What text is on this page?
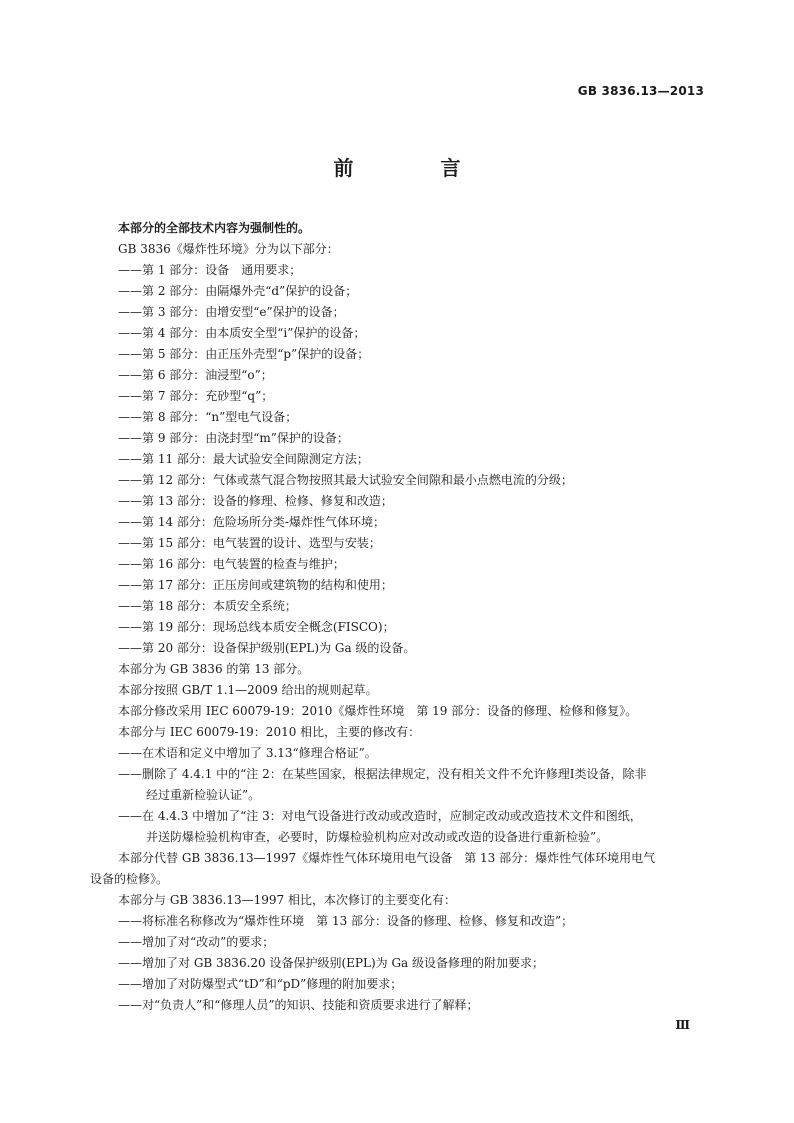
GB 3836.13—2013
前 言

本部分的全部技术内容为强制性的。

GB 3836《爆炸性环境》分为以下部分：

——第 1 部分：设备　通用要求；

——第 2 部分：由隔爆外壳“d”保护的设备；

——第 3 部分：由增安型“e”保护的设备；

——第 4 部分：由本质安全型“i”保护的设备；

——第 5 部分：由正压外壳型“p”保护的设备；

——第 6 部分：油浸型“o”；

——第 7 部分：充砂型“q”；

——第 8 部分：“n”型电气设备；

——第 9 部分：由浇封型“m”保护的设备；

——第 11 部分：最大试验安全间隙测定方法；

——第 12 部分：气体或蒸气混合物按照其最大试验安全间隙和最小点燃电流的分级；

——第 13 部分：设备的修理、检修、修复和改造；

——第 14 部分：危险场所分类-爆炸性气体环境；

——第 15 部分：电气装置的设计、选型与安装；

——第 16 部分：电气装置的检查与维护；

——第 17 部分：正压房间或建筑物的结构和使用；

——第 18 部分：本质安全系统；

——第 19 部分：现场总线本质安全概念(FISCO)；

——第 20 部分：设备保护级别(EPL)为 Ga 级的设备。

本部分为 GB 3836 的第 13 部分。

本部分按照 GB/T 1.1—2009 给出的规则起草。

本部分修改采用 IEC 60079-19：2010《爆炸性环境　第 19 部分：设备的修理、检修和修复》。

本部分与 IEC 60079-19：2010 相比，主要的修改有：

——在术语和定义中增加了 3.13“修理合格证”。

——删除了 4.4.1 中的“注 2：在某些国家，根据法律规定，没有相关文件不允许修理Ⅰ类设备，除非

经过重新检验认证”。

——在 4.4.3 中增加了“注 3：对电气设备进行改动或改造时，应制定改动或改造技术文件和图纸，

并送防爆检验机构审查，必要时，防爆检验机构应对改动或改造的设备进行重新检验”。

本部分代替 GB 3836.13—1997《爆炸性气体环境用电气设备　第 13 部分：爆炸性气体环境用电气

设备的检修》。

本部分与 GB 3836.13—1997 相比，本次修订的主要变化有：

——将标准名称修改为“爆炸性环境　第 13 部分：设备的修理、检修、修复和改造”；

——增加了对“改动”的要求；

——增加了对 GB 3836.20 设备保护级别(EPL)为 Ga 级设备修理的附加要求；

——增加了对防爆型式“tD”和“pD”修理的附加要求；

——对“负责人”和“修理人员”的知识、技能和资质要求进行了解释；

Ⅲ
